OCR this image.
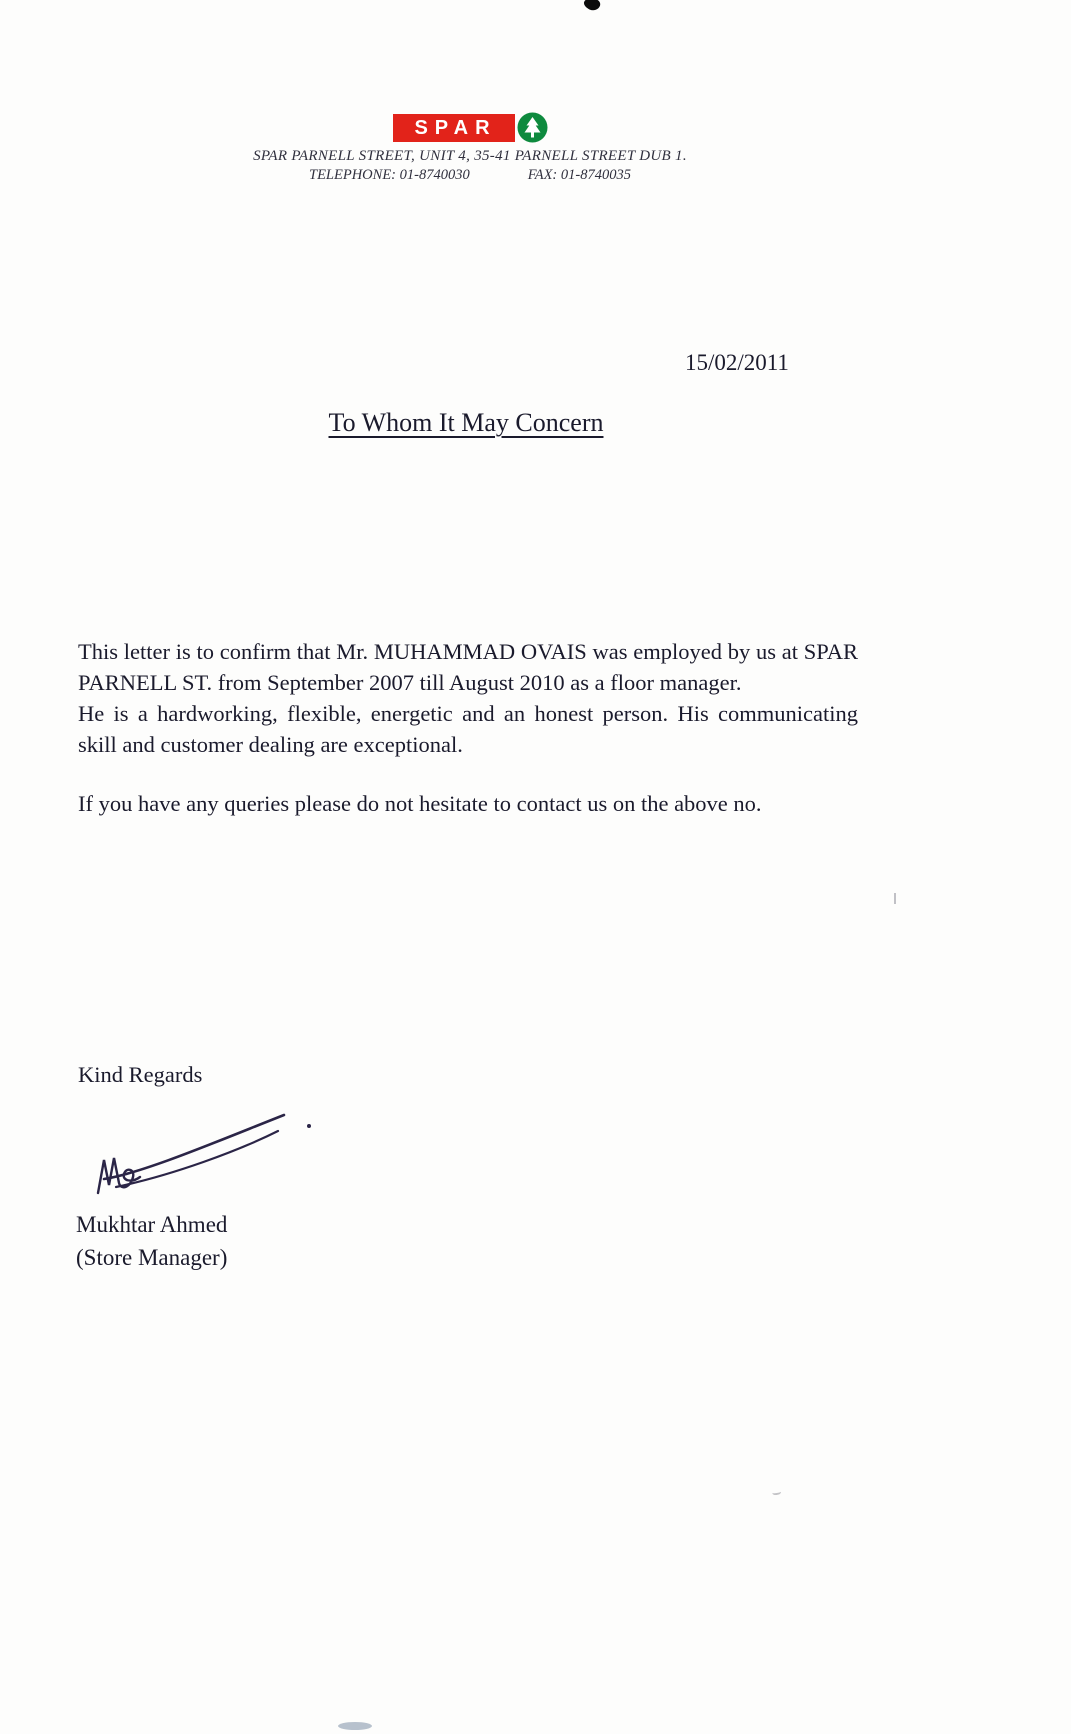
SPAR
SPAR PARNELL STREET, UNIT 4, 35-41 PARNELL STREET DUB 1.
TELEPHONE: 01-8740030	FAX: 01-8740035
15/02/2011
To Whom It May Concern

This letter is to confirm that Mr. MUHAMMAD OVAIS was employed by us at SPAR PARNELL ST. from September 2007 till August 2010 as a floor manager.

He is a hardworking, flexible, energetic and an honest person. His communicating skill and customer dealing are exceptional.

If you have any queries please do not hesitate to contact us on the above no.

Kind Regards
Mukhtar Ahmed
(Store Manager)
